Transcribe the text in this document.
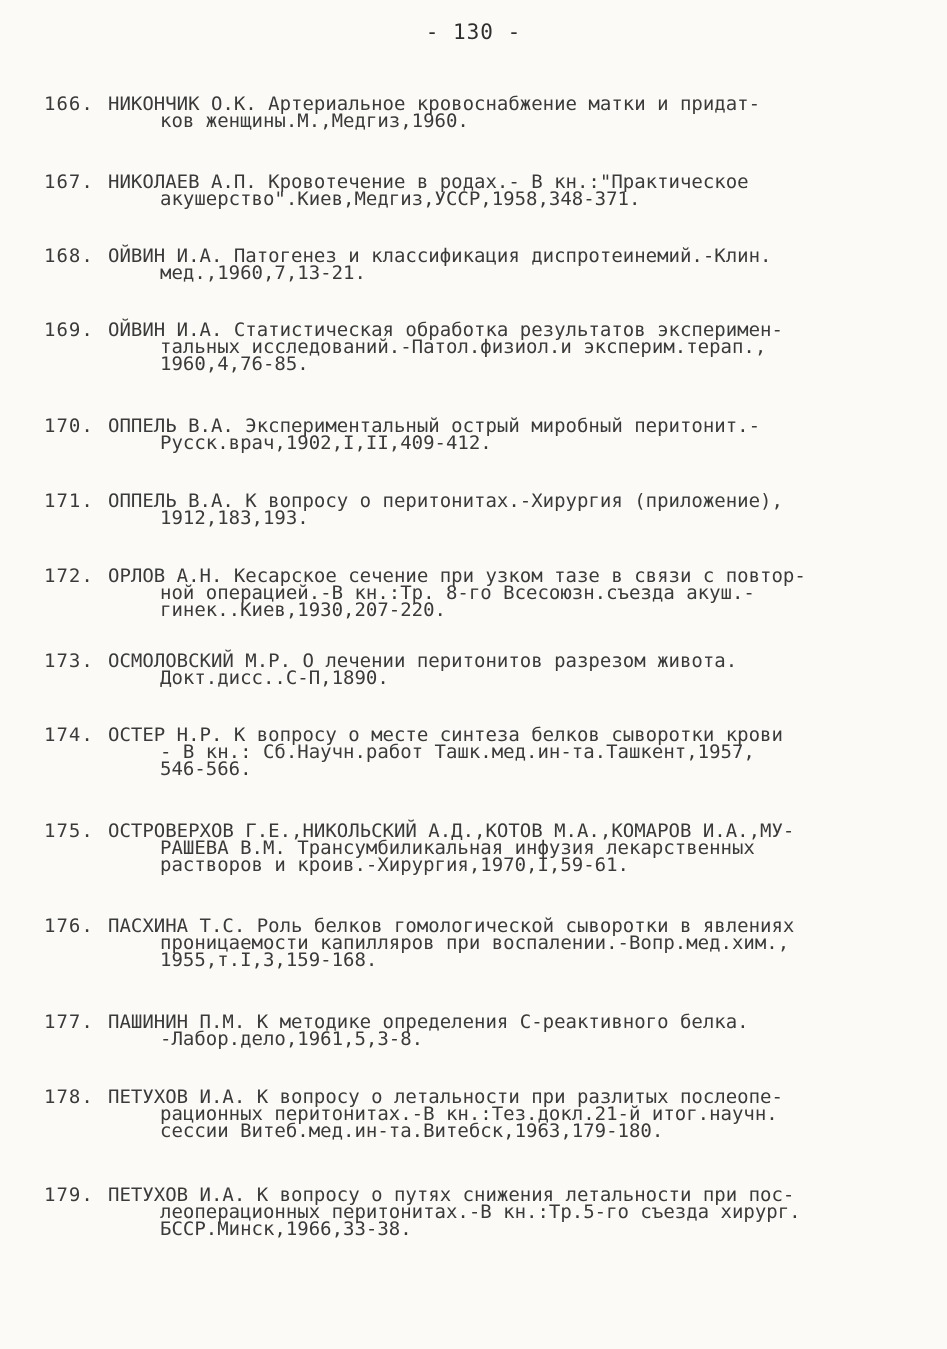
- 130 -
166. НИКОНЧИК О.К. Артериальное кровоснабжение матки и придат-
ков женщины.М.,Медгиз,1960.
167. НИКОЛАЕВ А.П. Кровотечение в родах.- В кн.:"Практическое
акушерство".Киев,Медгиз,УССР,1958,348-371.
168. ОЙВИН И.А. Патогенез и классификация диспротеинемий.-Клин.
мед.,1960,7,13-21.
169. ОЙВИН И.А. Статистическая обработка результатов эксперимен-
тальных исследований.-Патол.физиол.и эксперим.терап.,
1960,4,76-85.
170. ОППЕЛЬ В.А. Экспериментальный острый миробный перитонит.-
Русск.врач,1902,I,II,409-412.
171. ОППЕЛЬ В.А. К вопросу о перитонитах.-Хирургия (приложение),
1912,183,193.
172. ОРЛОВ А.Н. Кесарское сечение при узком тазе в связи с повтор-
ной операцией.-В кн.:Тр. 8-го Всесоюзн.съезда акуш.-
гинек..Киев,1930,207-220.
173. ОСМОЛОВСКИЙ М.Р. О лечении перитонитов разрезом живота.
Докт.дисс..С-П,1890.
174. ОСТЕР Н.Р. К вопросу о месте синтеза белков сыворотки крови
- В кн.: Сб.Научн.работ Ташк.мед.ин-та.Ташкент,1957,
546-566.
175. ОСТРОВЕРХОВ Г.Е.,НИКОЛЬСКИЙ А.Д.,КОТОВ М.А.,КОМАРОВ И.А.,МУ-
РАШЕВА В.М. Трансумбиликальная инфузия лекарственных
растворов и кроив.-Хирургия,1970,I,59-61.
176. ПАСХИНА Т.С. Роль белков гомологической сыворотки в явлениях
проницаемости капилляров при воспалении.-Вопр.мед.хим.,
1955,т.I,3,159-168.
177. ПАШИНИН П.М. К методике определения С-реактивного белка.
-Лабор.дело,1961,5,3-8.
178. ПЕТУХОВ И.А. К вопросу о летальности при разлитых послеопе-
рационных перитонитах.-В кн.:Тез.докл.21-й итог.научн.
сессии Витеб.мед.ин-та.Витебск,1963,179-180.
179. ПЕТУХОВ И.А. К вопросу о путях снижения летальности при пос-
леоперационных перитонитах.-В кн.:Тр.5-го съезда хирург.
БССР.Минск,1966,33-38.
